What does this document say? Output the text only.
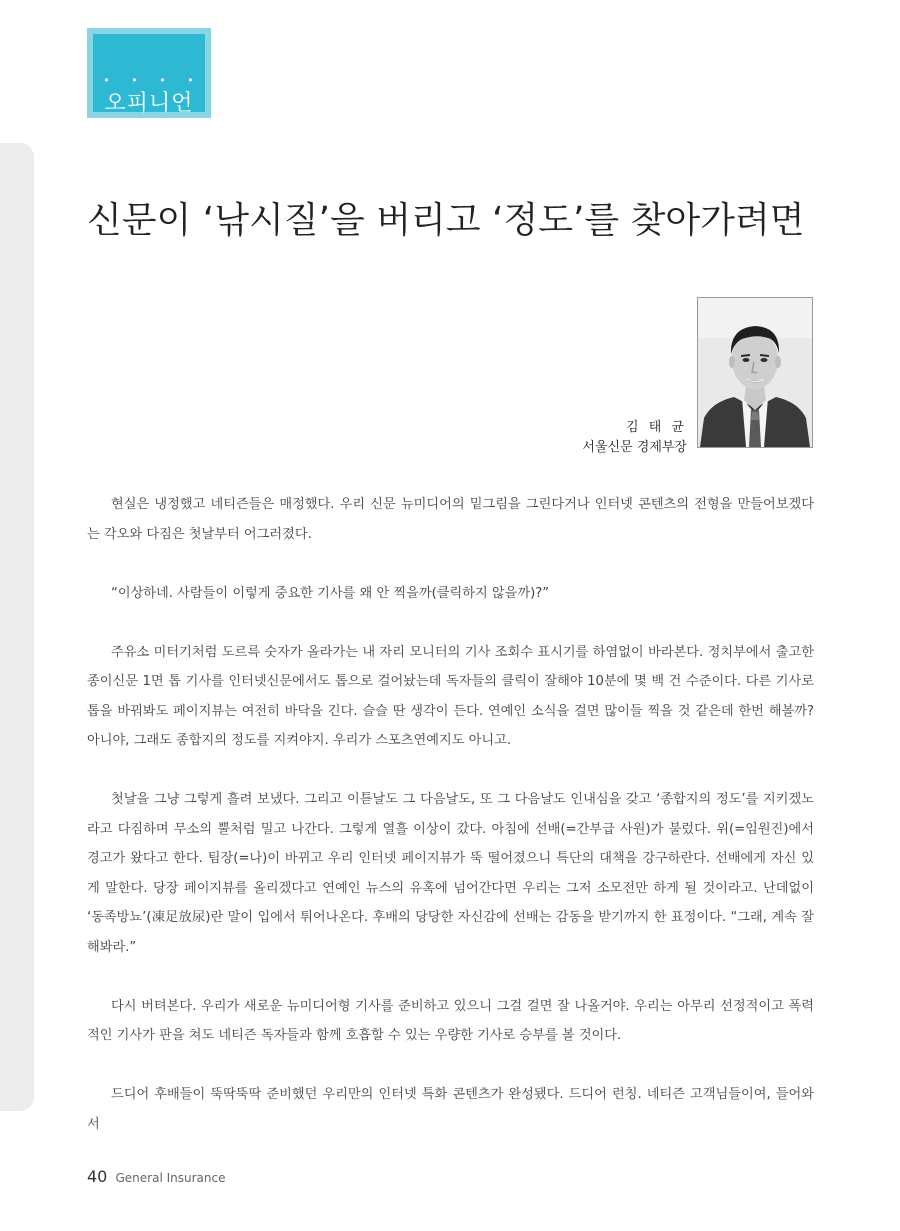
• • • •
오피니언
신문이 ‘낚시질’을 버리고 ‘정도’를 찾아가려면
김 태 균
서울신문 경제부장

현실은 냉정했고 네티즌들은 매정했다. 우리 신문 뉴미디어의 밑그림을 그린다거나 인터넷 콘텐츠의 전형을 만들어보겠다는 각오와 다짐은 첫날부터 어그러졌다.

“이상하네. 사람들이 이렇게 중요한 기사를 왜 안 찍을까(클릭하지 않을까)?”

주유소 미터기처럼 도르륵 숫자가 올라가는 내 자리 모니터의 기사 조회수 표시기를 하염없이 바라본다. 정치부에서 출고한 종이신문 1면 톱 기사를 인터넷신문에서도 톱으로 걸어놨는데 독자들의 클릭이 잘해야 10분에 몇 백 건 수준이다. 다른 기사로 톱을 바꿔봐도 페이지뷰는 여전히 바닥을 긴다. 슬슬 딴 생각이 든다. 연예인 소식을 걸면 많이들 찍을 것 같은데 한번 해볼까? 아니야, 그래도 종합지의 정도를 지켜야지. 우리가 스포츠연예지도 아니고.

첫날을 그냥 그렇게 흘려 보냈다. 그리고 이튿날도 그 다음날도, 또 그 다음날도 인내심을 갖고 ‘종합지의 정도’를 지키겠노라고 다짐하며 무소의 뿔처럼 밀고 나간다. 그렇게 열흘 이상이 갔다. 아침에 선배(=간부급 사원)가 불렀다. 위(=임원진)에서 경고가 왔다고 한다. 팀장(=나)이 바뀌고 우리 인터넷 페이지뷰가 뚝 떨어졌으니 특단의 대책을 강구하란다. 선배에게 자신 있게 말한다. 당장 페이지뷰를 올리겠다고 연예인 뉴스의 유혹에 넘어간다면 우리는 그저 소모전만 하게 될 것이라고. 난데없이 ‘동족방뇨’(凍足放尿)란 말이 입에서 튀어나온다. 후배의 당당한 자신감에 선배는 감동을 받기까지 한 표정이다. “그래, 계속 잘해봐라.”

다시 버텨본다. 우리가 새로운 뉴미디어형 기사를 준비하고 있으니 그걸 걸면 잘 나올거야. 우리는 아무리 선정적이고 폭력적인 기사가 판을 쳐도 네티즌 독자들과 함께 호흡할 수 있는 우량한 기사로 승부를 볼 것이다.

드디어 후배들이 뚝딱뚝딱 준비했던 우리만의 인터넷 특화 콘텐츠가 완성됐다. 드디어 런칭. 네티즌 고객님들이여, 들어와서

40 General Insurance
